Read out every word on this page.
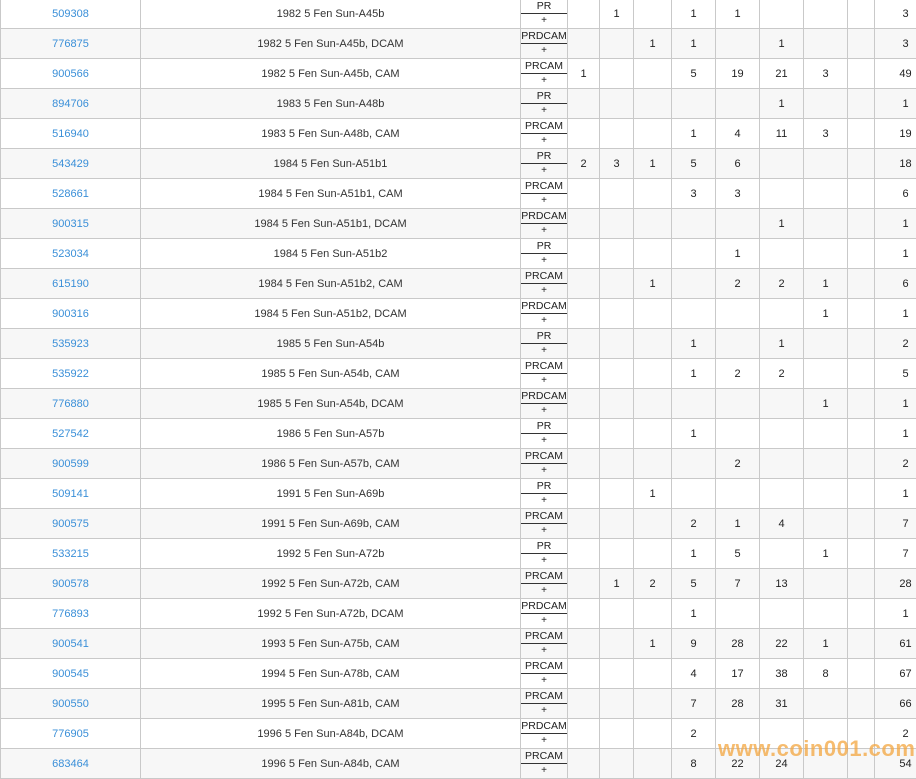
509308	1982 5 Fen Sun-A45b	PR
+		1		1	1				3
776875	1982 5 Fen Sun-A45b, DCAM	PRDCAM
+			1	1		1			3
900566	1982 5 Fen Sun-A45b, CAM	PRCAM
+	1			5	19	21	3		49
894706	1983 5 Fen Sun-A48b	PR
+						1			1
516940	1983 5 Fen Sun-A48b, CAM	PRCAM
+				1	4	11	3		19
543429	1984 5 Fen Sun-A51b1	PR
+	2	3	1	5	6				18
528661	1984 5 Fen Sun-A51b1, CAM	PRCAM
+				3	3				6
900315	1984 5 Fen Sun-A51b1, DCAM	PRDCAM
+						1			1
523034	1984 5 Fen Sun-A51b2	PR
+					1				1
615190	1984 5 Fen Sun-A51b2, CAM	PRCAM
+			1		2	2	1		6
900316	1984 5 Fen Sun-A51b2, DCAM	PRDCAM
+							1		1
535923	1985 5 Fen Sun-A54b	PR
+				1		1			2
535922	1985 5 Fen Sun-A54b, CAM	PRCAM
+				1	2	2			5
776880	1985 5 Fen Sun-A54b, DCAM	PRDCAM
+							1		1
527542	1986 5 Fen Sun-A57b	PR
+				1					1
900599	1986 5 Fen Sun-A57b, CAM	PRCAM
+					2				2
509141	1991 5 Fen Sun-A69b	PR
+			1						1
900575	1991 5 Fen Sun-A69b, CAM	PRCAM
+				2	1	4			7
533215	1992 5 Fen Sun-A72b	PR
+				1	5		1		7
900578	1992 5 Fen Sun-A72b, CAM	PRCAM
+		1	2	5	7	13			28
776893	1992 5 Fen Sun-A72b, DCAM	PRDCAM
+				1					1
900541	1993 5 Fen Sun-A75b, CAM	PRCAM
+			1	9	28	22	1		61
900545	1994 5 Fen Sun-A78b, CAM	PRCAM
+				4	17	38	8		67
900550	1995 5 Fen Sun-A81b, CAM	PRCAM
+				7	28	31			66
776905	1996 5 Fen Sun-A84b, DCAM	PRDCAM
+				2					2
683464	1996 5 Fen Sun-A84b, CAM	PRCAM
+				8	22	24			54
www.coin001.com
